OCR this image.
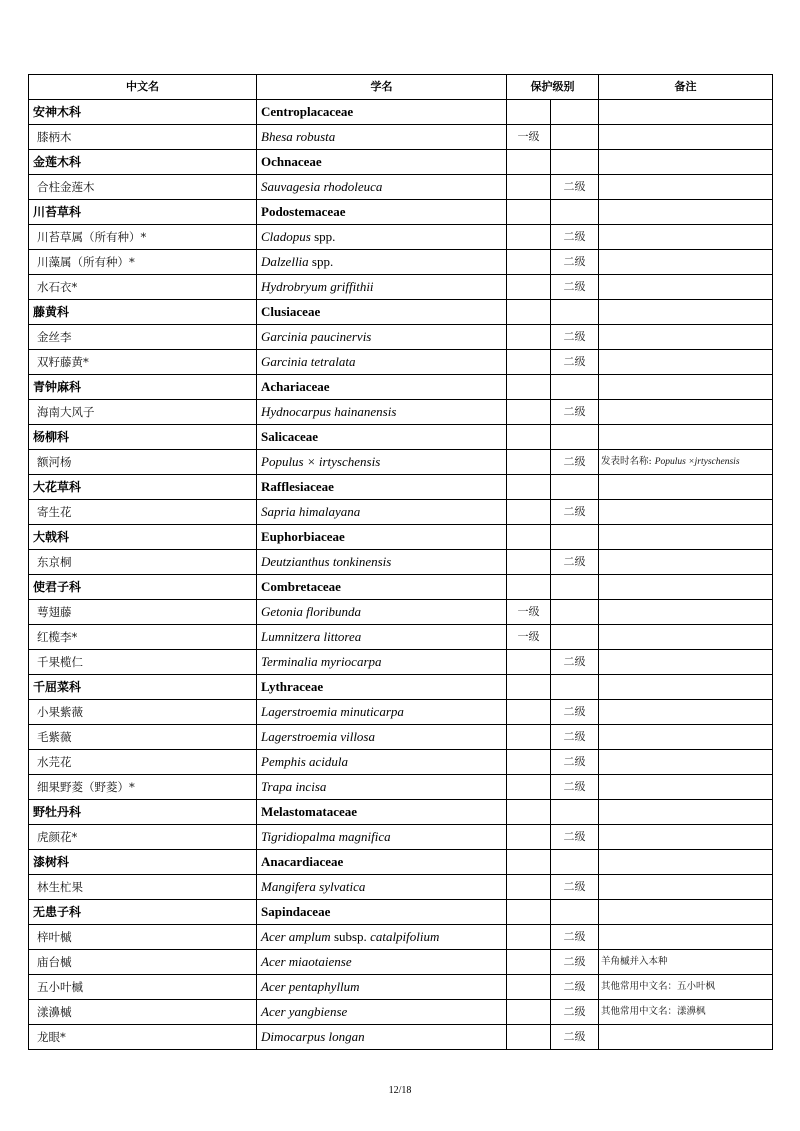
中文名	学名	保护级别		备注
安神木科	Centroplacaceae			
膝柄木	Bhesa robusta	一级		
金莲木科	Ochnaceae			
合柱金莲木	Sauvagesia rhodoleuca		二级	
川苔草科	Podostemaceae			
川苔草属（所有种）*	Cladopus spp.		二级	
川藻属（所有种）*	Dalzellia spp.		二级	
水石衣*	Hydrobryum griffithii		二级	
藤黄科	Clusiaceae			
金丝李	Garcinia paucinervis		二级	
双籽藤黄*	Garcinia tetralata		二级	
青钟麻科	Achariaceae			
海南大风子	Hydnocarpus hainanensis		二级	
杨柳科	Salicaceae			
额河杨	Populus × irtyschensis		二级	发表时名称: Populus ×jrtyschensis
大花草科	Rafflesiaceae			
寄生花	Sapria himalayana		二级	
大戟科	Euphorbiaceae			
东京桐	Deutzianthus tonkinensis		二级	
使君子科	Combretaceae			
萼翅藤	Getonia floribunda	一级		
红榄李*	Lumnitzera littorea	一级		
千果榄仁	Terminalia myriocarpa		二级	
千屈菜科	Lythraceae			
小果紫薇	Lagerstroemia minuticarpa		二级	
毛紫薇	Lagerstroemia villosa		二级	
水芫花	Pemphis acidula		二级	
细果野菱（野菱）*	Trapa incisa		二级	
野牡丹科	Melastomataceae			
虎颜花*	Tigridiopalma magnifica		二级	
漆树科	Anacardiaceae			
林生杧果	Mangifera sylvatica		二级	
无患子科	Sapindaceae			
梓叶槭	Acer amplum subsp. catalpifolium		二级	
庙台槭	Acer miaotaiense		二级	羊角槭并入本种
五小叶槭	Acer pentaphyllum		二级	其他常用中文名：五小叶枫
漾濞槭	Acer yangbiense		二级	其他常用中文名：漾濞枫
龙眼*	Dimocarpus longan		二级	
12/18
